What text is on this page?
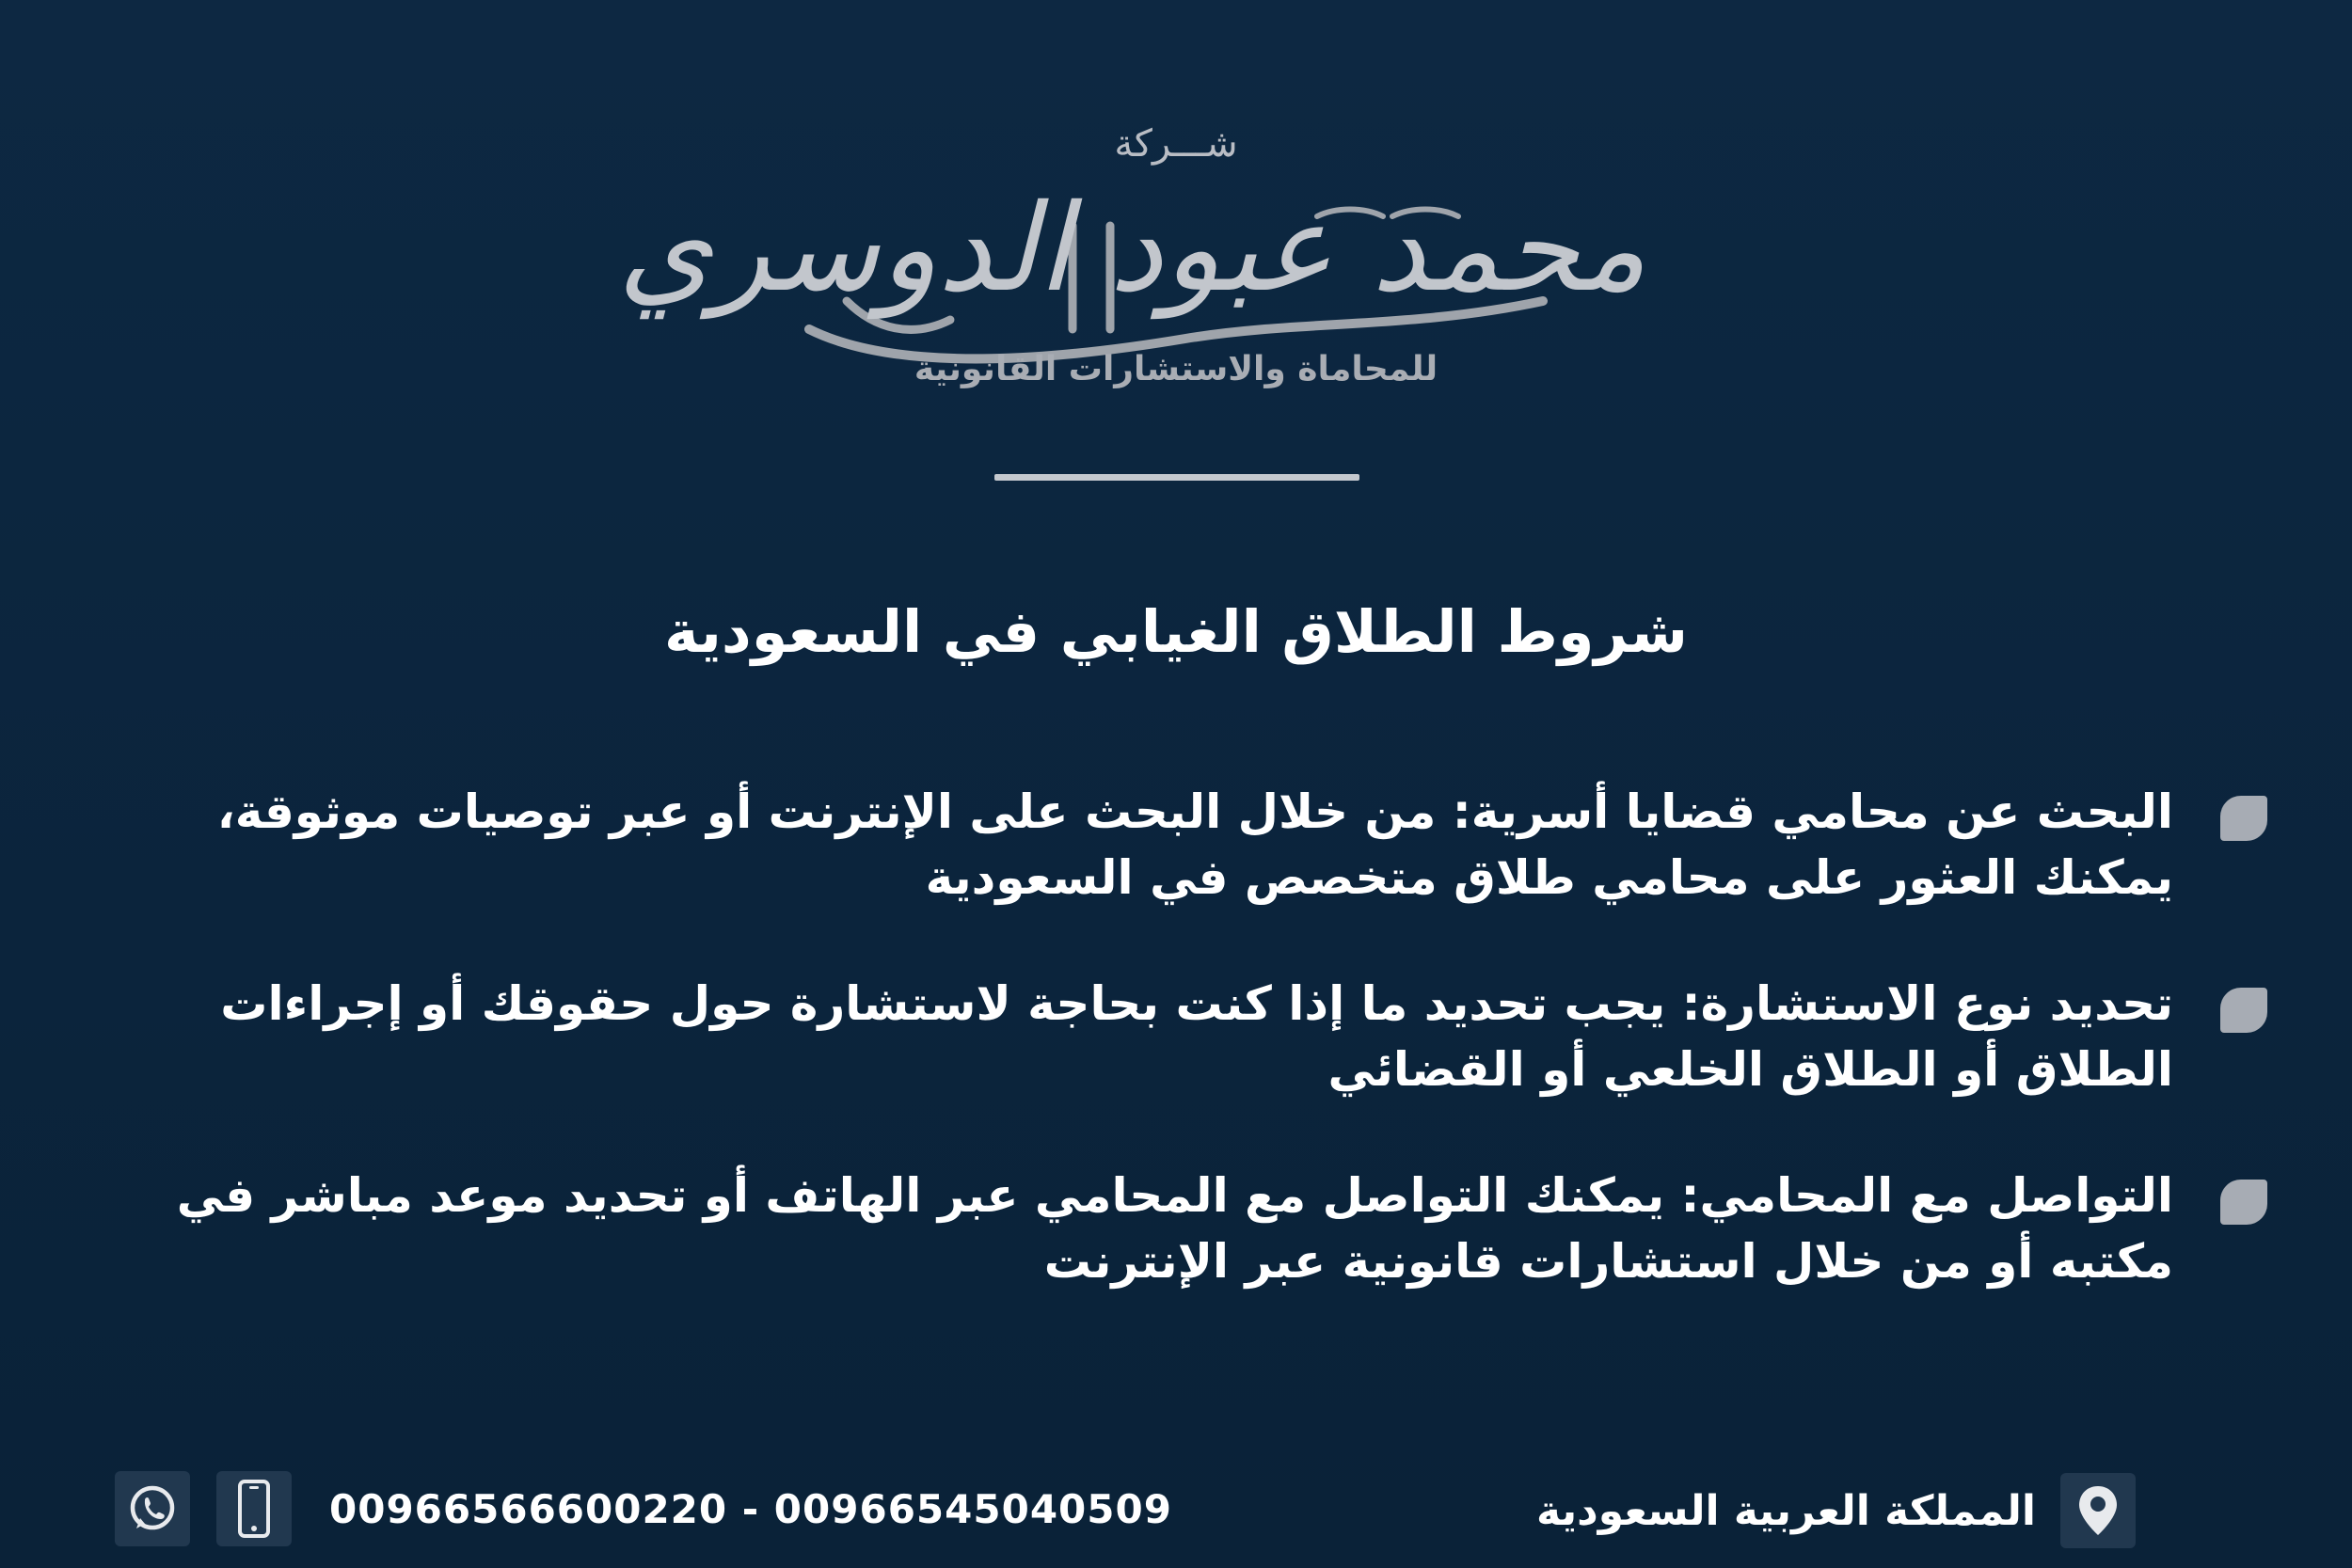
شـــركة
محمد عبود الدوسري
للمحاماة والاستشارات القانونية
شروط الطلاق الغيابي في السعودية
البحث عن محامي قضايا أسرية: من خلال البحث على الإنترنت أو عبر توصيات موثوقة، يمكنك العثور على محامي طلاق متخصص في السعودية
تحديد نوع الاستشارة: يجب تحديد ما إذا كنت بحاجة لاستشارة حول حقوقك أو إجراءات الطلاق أو الطلاق الخلعي أو القضائي
التواصل مع المحامي: يمكنك التواصل مع المحامي عبر الهاتف أو تحديد موعد مباشر في مكتبه أو من خلال استشارات قانونية عبر الإنترنت
المملكة العربية السعودية
00966566600220 - 00966545040509
